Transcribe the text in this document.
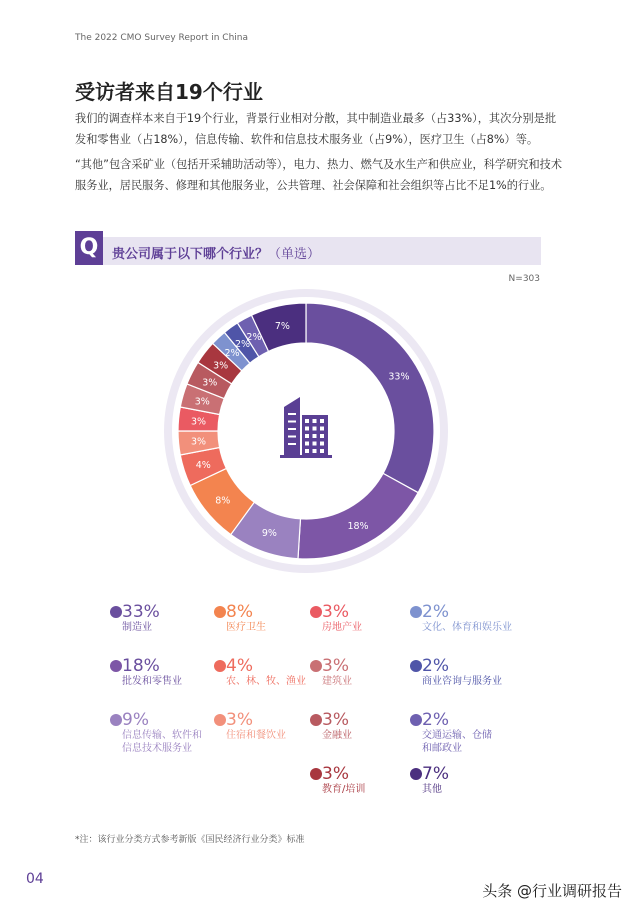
The 2022 CMO Survey Report in China
受访者来自19个行业
我们的调查样本来自于19个行业，背景行业相对分散，其中制造业最多（占33%），其次分别是批发和零售业（占18%），信息传输、软件和信息技术服务业（占9%），医疗卫生（占8%）等。
“其他”包含采矿业（包括开采辅助活动等），电力、热力、燃气及水生产和供应业，科学研究和技术服务业，居民服务、修理和其他服务业，公共管理、社会保障和社会组织等占比不足1%的行业。
Q	贵公司属于以下哪个行业？（单选）
N=303
33%
18%
9%
8%
4%
3%
3%
3%
3%
3%
2%
2%
2%
7%
33%
制造业
18%
批发和零售业
9%
信息传输、软件和信息技术服务业
8%
医疗卫生
4%
农、林、牧、渔业
3%
住宿和餐饮业
3%
房地产业
3%
建筑业
3%
金融业
3%
教育/培训
2%
文化、体育和娱乐业
2%
商业咨询与服务业
2%
交通运输、仓储和邮政业
7%
其他
*注：该行业分类方式参考新版《国民经济行业分类》标准
04
头条 @行业调研报告
